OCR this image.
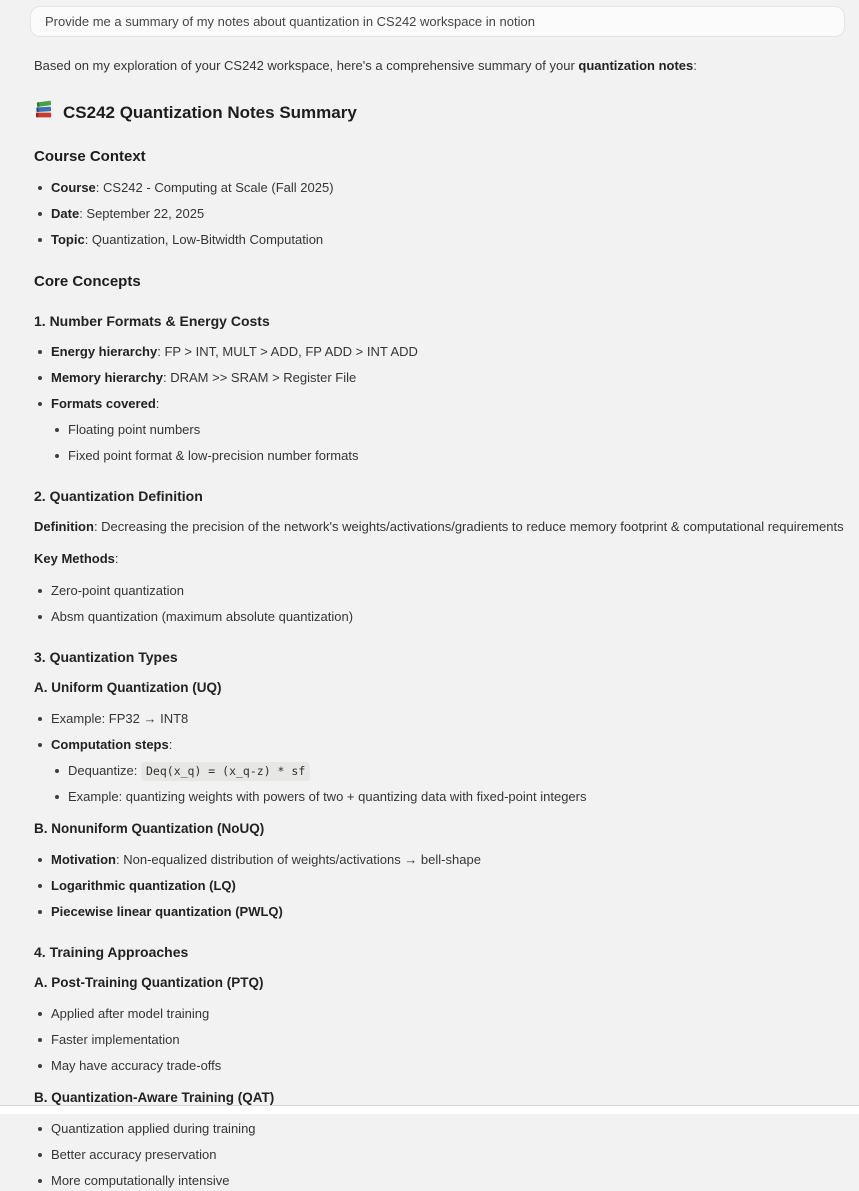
Provide me a summary of my notes about quantization in CS242 workspace in notion

Based on my exploration of your CS242 workspace, here's a comprehensive summary of your quantization notes:

CS242 Quantization Notes Summary
Course Context
Course: CS242 - Computing at Scale (Fall 2025)
Date: September 22, 2025
Topic: Quantization, Low-Bitwidth Computation
Core Concepts
1. Number Formats & Energy Costs
Energy hierarchy: FP > INT, MULT > ADD, FP ADD > INT ADD
Memory hierarchy: DRAM >> SRAM > Register File
Formats covered:
Floating point numbers
Fixed point format & low-precision number formats
2. Quantization Definition

Definition: Decreasing the precision of the network's weights/activations/gradients to reduce memory footprint & computational requirements

Key Methods:

Zero-point quantization
Absm quantization (maximum absolute quantization)
3. Quantization Types
A. Uniform Quantization (UQ)
Example: FP32 → INT8
Computation steps:
Dequantize: Deq(x_q) = (x_q-z) * sf
Example: quantizing weights with powers of two + quantizing data with fixed-point integers
B. Nonuniform Quantization (NoUQ)
Motivation: Non-equalized distribution of weights/activations → bell-shape
Logarithmic quantization (LQ)
Piecewise linear quantization (PWLQ)
4. Training Approaches
A. Post-Training Quantization (PTQ)
Applied after model training
Faster implementation
May have accuracy trade-offs
B. Quantization-Aware Training (QAT)
Quantization applied during training
Better accuracy preservation
More computationally intensive
